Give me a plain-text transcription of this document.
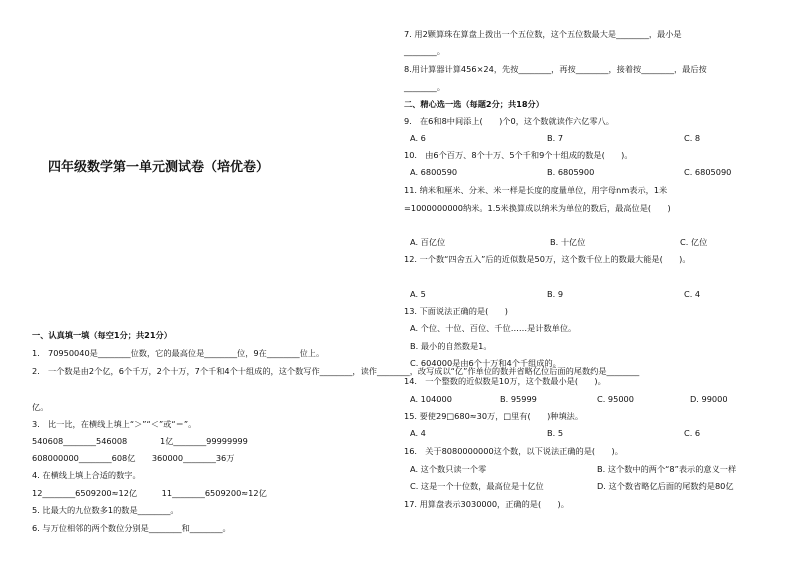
四年级数学第一单元测试卷（培优卷）
一、认真填一填（每空1分；共21分）
1.　70950040是________位数，它的最高位是________位，9在________位上。
2.　一个数是由2个亿，6个千万，2个十万，7个千和4个十组成的，这个数写作________，读作________，改写成以“亿”作单位的数并省略亿位后面的尾数约是________
亿。
3.　比一比，在横线上填上“＞”“＜”或“＝”。
540608________546008　　　　1亿________99999999
608000000________608亿　　360000________36万
4. 在横线上填上合适的数字。
12________6509200≈12亿　　　11________6509200≈12亿
5. 比最大的九位数多1的数是________。
6. 与万位相邻的两个数位分别是________和________。
7. 用2颗算珠在算盘上拨出一个五位数，这个五位数最大是________，最小是
________。
8.用计算器计算456×24，先按________，再按________，接着按________，最后按
________。
二、精心选一选（每题2分；共18分）
9.　在6和8中间添上(　　)个0，这个数就读作六亿零八。
A. 6	B. 7	C. 8
10.　由6个百万、8个十万、5个千和9个十组成的数是(　　)。
A. 6800590	B. 6805900	C. 6805090
11. 纳米和厘米、分米、米一样是长度的度量单位，用字母nm表示，1米
=1000000000纳米。1.5米换算成以纳米为单位的数后，最高位是(　　)
A. 百亿位	B. 十亿位	C. 亿位
12. 一个数“四舍五入”后的近似数是50万，这个数千位上的数最大能是(　　)。
A. 5	B. 9	C. 4
13. 下面说法正确的是(　　)
A. 个位、十位、百位、千位……是计数单位。
B. 最小的自然数是1。
C. 604000是由6个十万和4个千组成的。
14.　一个整数的近似数是10万，这个数最小是(　　)。
A. 104000	B. 95999	C. 95000	D. 99000
15. 要使29□680≈30万，□里有(　　)种填法。
A. 4	B. 5	C. 6
16.　关于8080000000这个数，以下说法正确的是(　　)。
A. 这个数只读一个零	B. 这个数中的两个“8”表示的意义一样
C. 这是一个十位数，最高位是十亿位	D. 这个数省略亿后面的尾数约是80亿
17. 用算盘表示3030000，正确的是(　　)。
